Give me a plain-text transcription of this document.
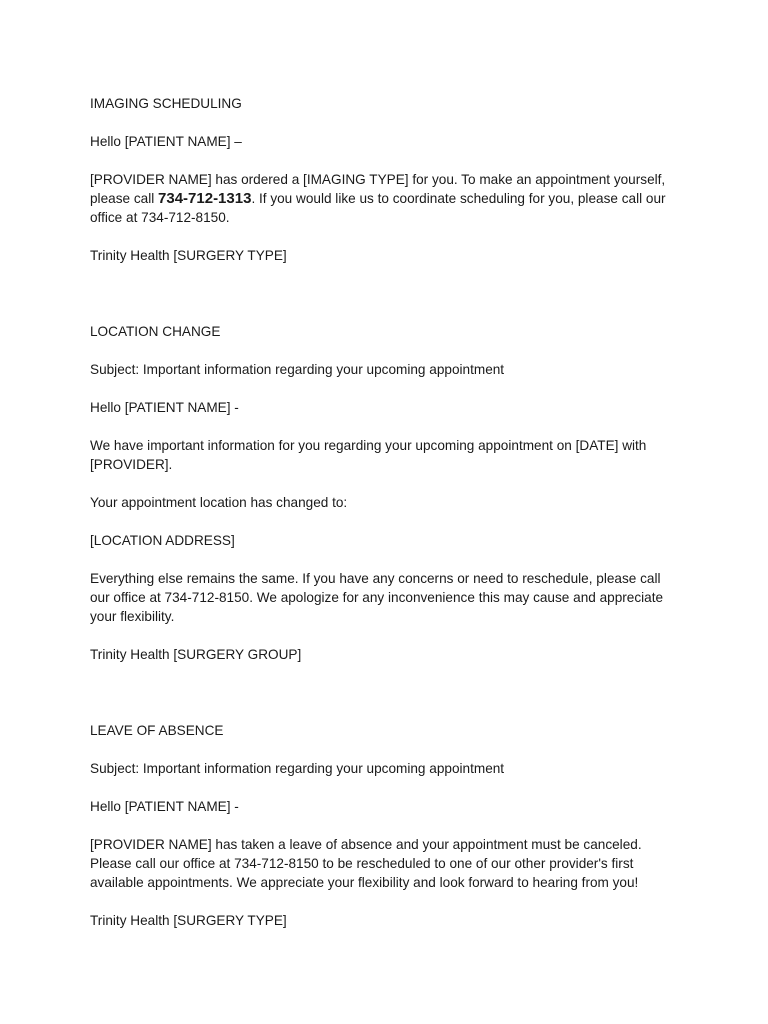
IMAGING SCHEDULING

Hello [PATIENT NAME] –

[PROVIDER NAME] has ordered a [IMAGING TYPE] for you. To make an appointment yourself, please call 734-712-1313. If you would like us to coordinate scheduling for you, please call our office at 734-712-8150.

Trinity Health [SURGERY TYPE]

LOCATION CHANGE

Subject: Important information regarding your upcoming appointment

Hello [PATIENT NAME] -

We have important information for you regarding your upcoming appointment on [DATE] with [PROVIDER].

Your appointment location has changed to:

[LOCATION ADDRESS]

Everything else remains the same. If you have any concerns or need to reschedule, please call our office at 734-712-8150. We apologize for any inconvenience this may cause and appreciate your flexibility.

Trinity Health [SURGERY GROUP]

LEAVE OF ABSENCE

Subject: Important information regarding your upcoming appointment

Hello [PATIENT NAME] -

[PROVIDER NAME] has taken a leave of absence and your appointment must be canceled. Please call our office at 734-712-8150 to be rescheduled to one of our other provider's first available appointments. We appreciate your flexibility and look forward to hearing from you!

Trinity Health [SURGERY TYPE]
